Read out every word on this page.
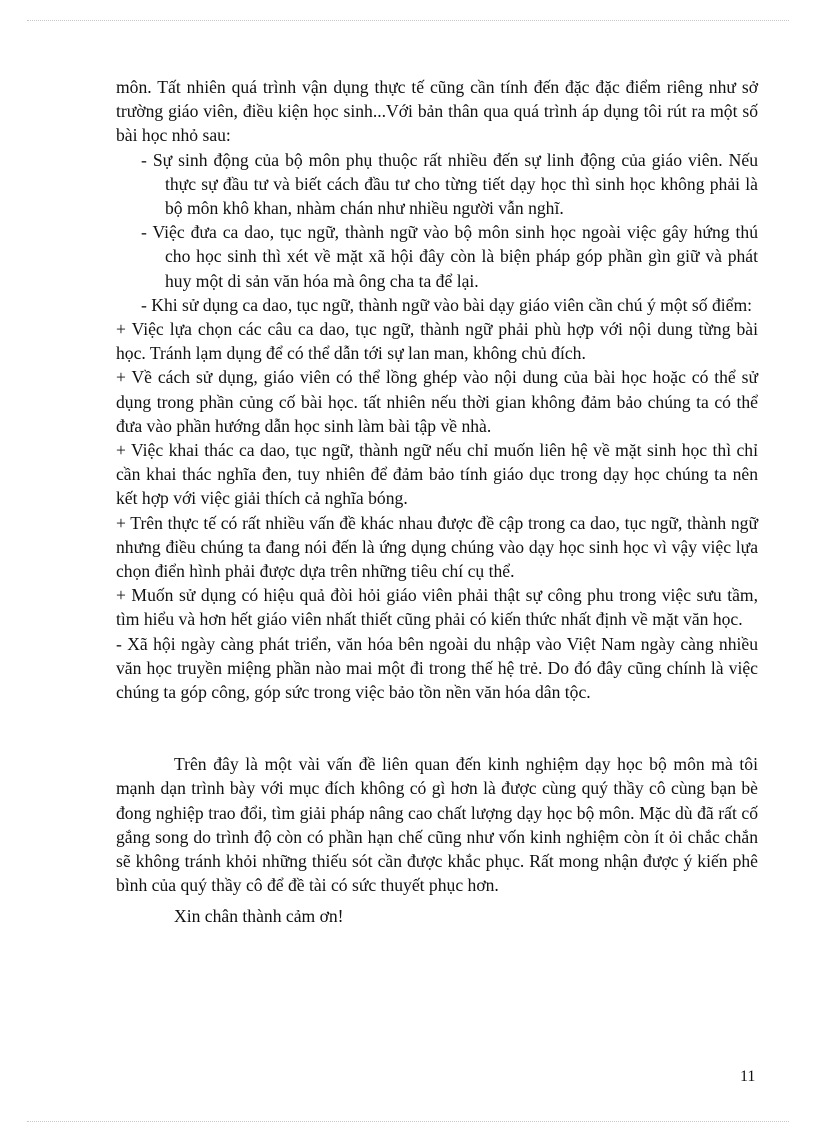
môn. Tất nhiên quá trình vận dụng thực tế cũng cần tính đến đặc đặc điểm riêng như sở trường giáo viên, điều kiện học sinh...Với bản thân qua quá trình áp dụng tôi rút ra một số bài học nhỏ sau:

- Sự sinh động của bộ môn phụ thuộc rất nhiều đến sự linh động của giáo viên. Nếu thực sự đầu tư và biết cách đầu tư cho từng tiết dạy học thì sinh học không phải là bộ môn khô khan, nhàm chán như nhiều người vẫn nghĩ.

- Việc đưa ca dao, tục ngữ, thành ngữ vào bộ môn sinh học ngoài việc gây hứng thú cho học sinh thì xét về mặt xã hội đây còn là biện pháp góp phần gìn giữ và phát huy một di sản văn hóa mà ông cha ta để lại.

- Khi sử dụng ca dao, tục ngữ, thành ngữ vào bài dạy giáo viên cần chú ý một số điểm:

+ Việc lựa chọn các câu ca dao, tục ngữ, thành ngữ phải phù hợp với nội dung từng bài học. Tránh lạm dụng để có thể dẫn tới sự lan man, không chủ đích.

+ Về cách sử dụng, giáo viên có thể lồng ghép vào nội dung của bài học hoặc có thể sử dụng trong phần củng cố bài học. tất nhiên nếu thời gian không đảm bảo chúng ta có thể đưa vào phần hướng dẫn học sinh làm bài tập về nhà.

+ Việc khai thác ca dao, tục ngữ, thành ngữ nếu chỉ muốn liên hệ về mặt sinh học thì chỉ cần khai thác nghĩa đen, tuy nhiên để đảm bảo tính giáo dục trong dạy học chúng ta nên kết hợp với việc giải thích cả nghĩa bóng.

+ Trên thực tế có rất nhiều vấn đề khác nhau được đề cập trong ca dao, tục ngữ, thành ngữ nhưng điều chúng ta đang nói đến là ứng dụng chúng vào dạy học sinh học vì vậy việc lựa chọn điển hình phải được dựa trên những tiêu chí cụ thể.

+ Muốn sử dụng có hiệu quả đòi hỏi giáo viên phải thật sự công phu trong việc sưu tầm, tìm hiểu và hơn hết giáo viên nhất thiết cũng phải có kiến thức nhất định về mặt văn học.

- Xã hội ngày càng phát triển, văn hóa bên ngoài du nhập vào Việt Nam ngày càng nhiều văn học truyền miệng phần nào mai một đi trong thế hệ trẻ. Do đó đây cũng chính là việc chúng ta góp công, góp sức trong việc bảo tồn nền văn hóa dân tộc.

Trên đây là một vài vấn đề liên quan đến kinh nghiệm dạy học bộ môn mà tôi mạnh dạn trình bày với mục đích không có gì hơn là được cùng quý thầy cô cùng bạn bè đong nghiệp trao đổi, tìm giải pháp nâng cao chất lượng dạy học bộ môn. Mặc dù đã rất cố gắng song do trình độ còn có phần hạn chế cũng như vốn kinh nghiệm còn ít ỏi chắc chắn sẽ không tránh khỏi những thiếu sót cần được khắc phục. Rất mong nhận được ý kiến phê bình của quý thầy cô để đề tài có sức thuyết phục hơn.

Xin chân thành cảm ơn!

11
